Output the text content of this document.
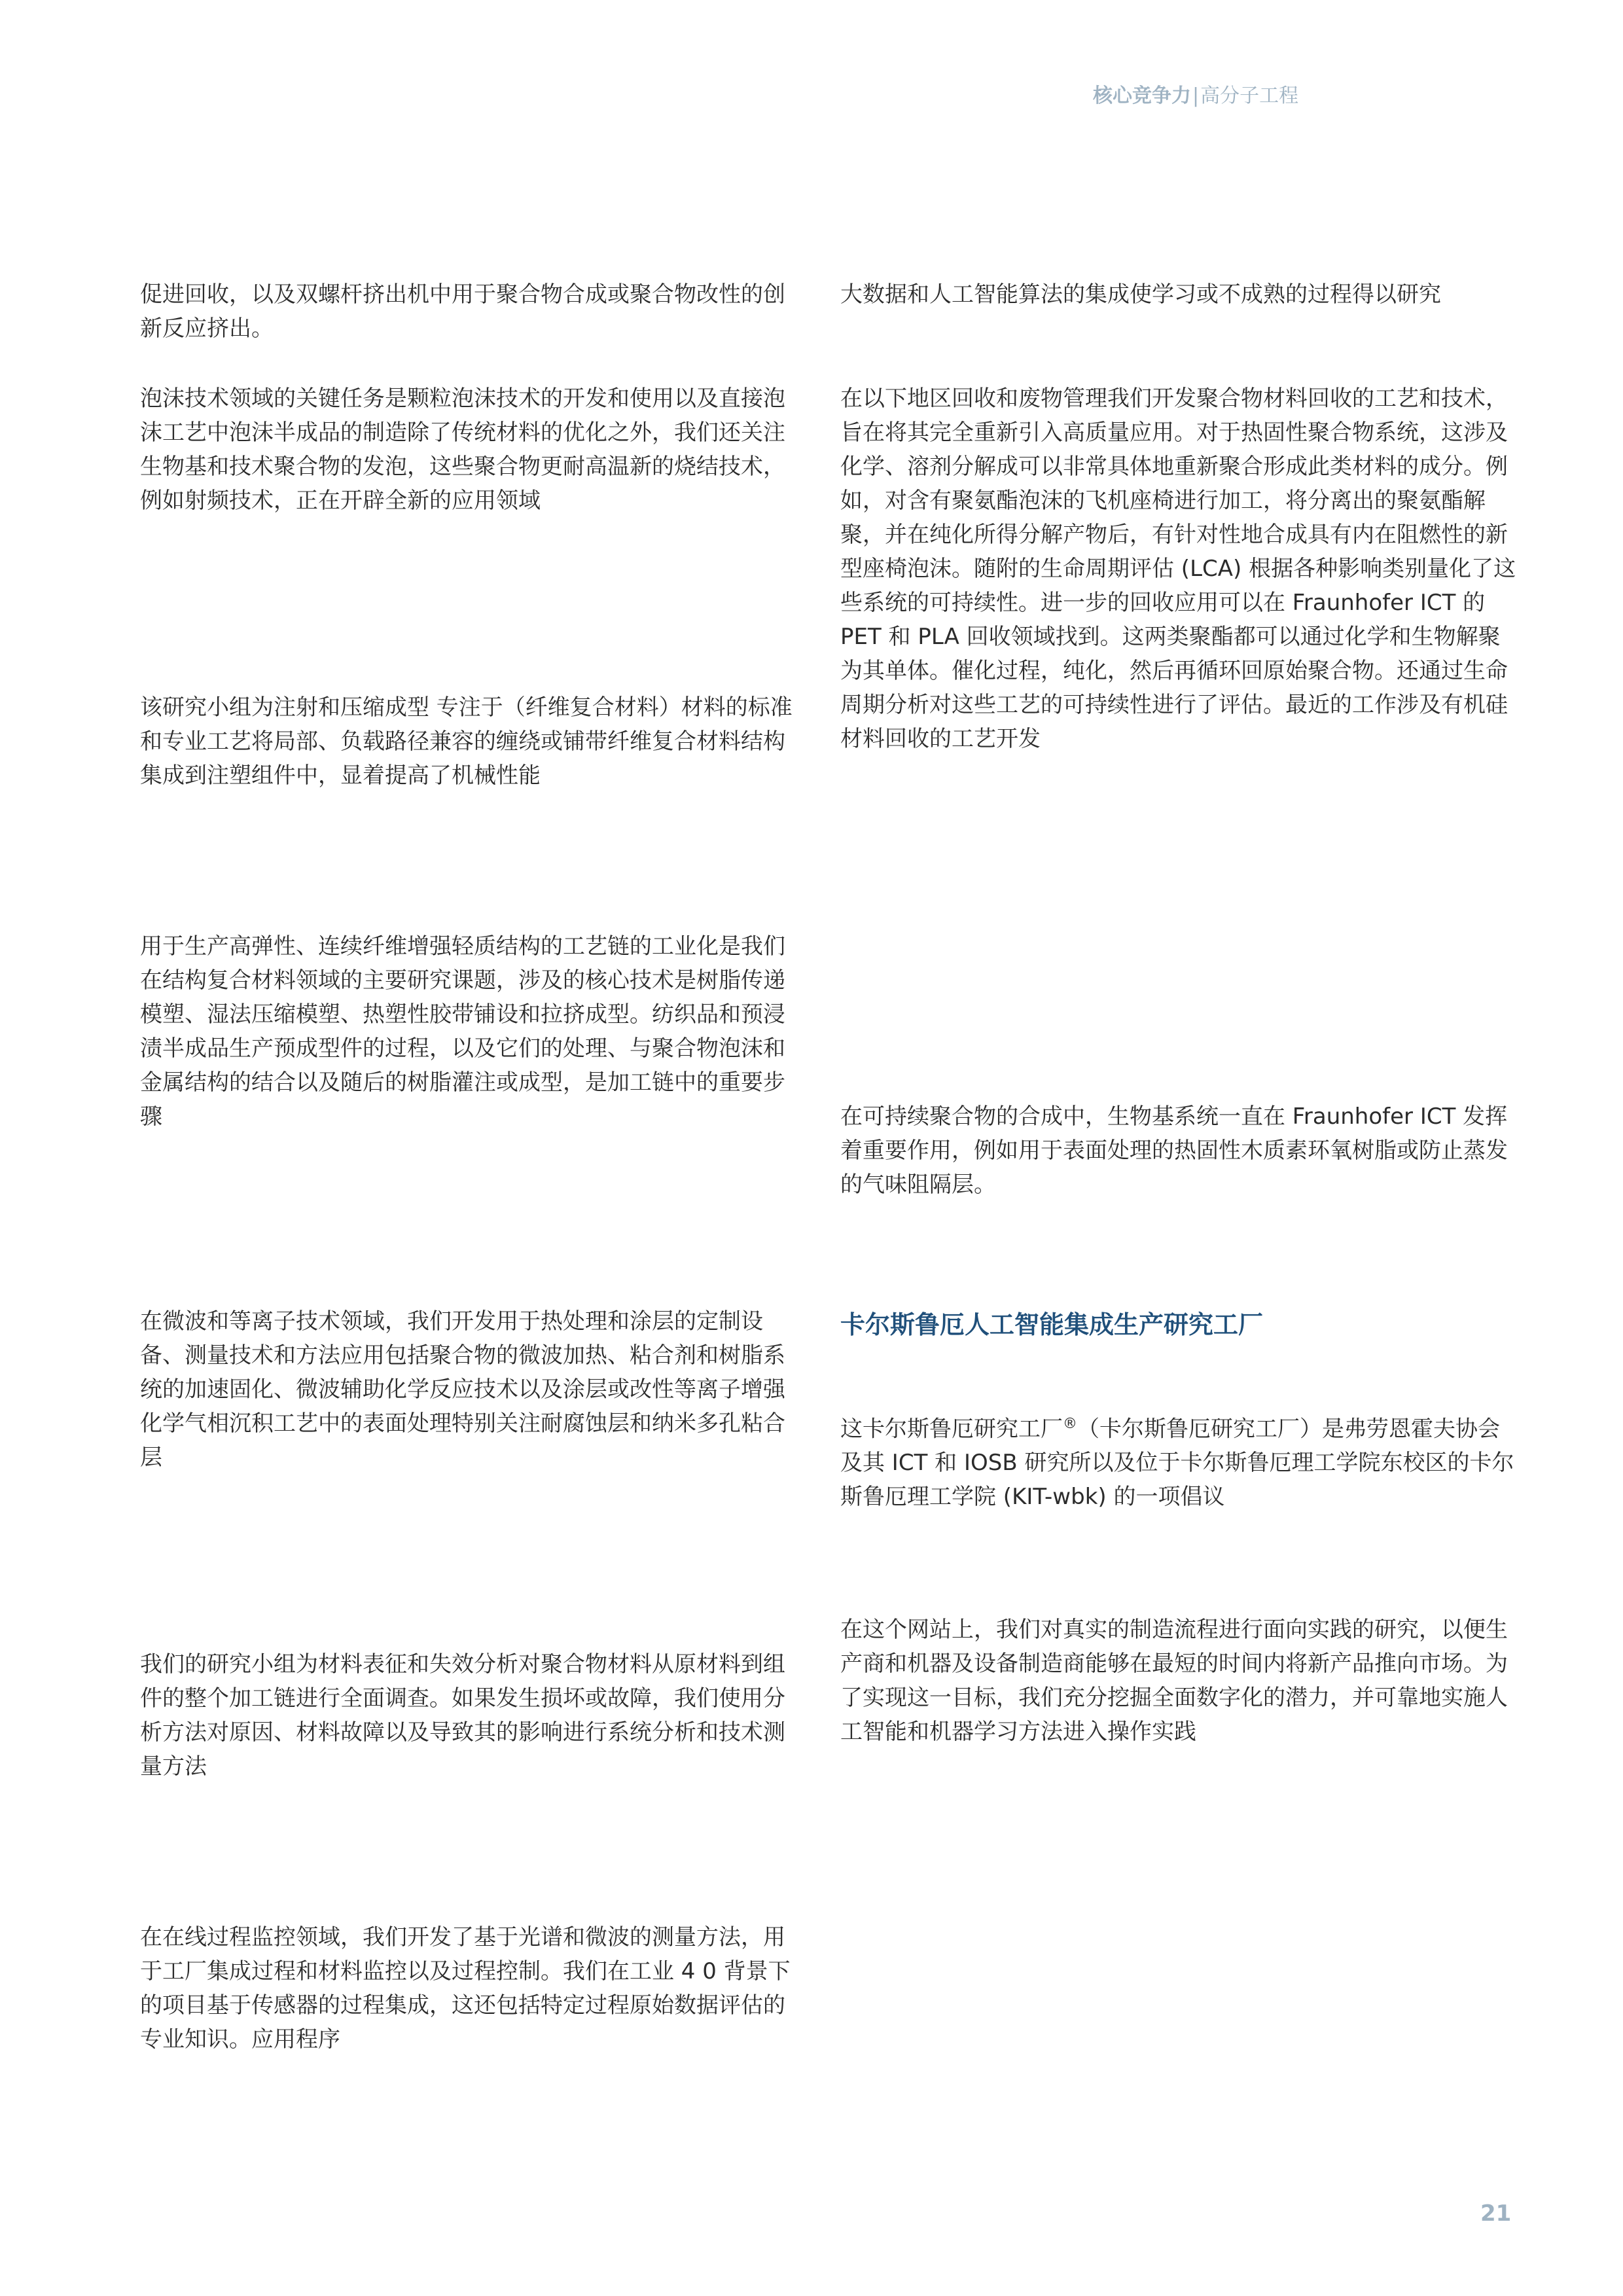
核心竞争力|高分子工程

促进回收，以及双螺杆挤出机中用于聚合物合成或聚合物改性的创新反应挤出。

泡沫技术领域的关键任务是颗粒泡沫技术的开发和使用以及直接泡沫工艺中泡沫半成品的制造除了传统材料的优化之外，我们还关注生物基和技术聚合物的发泡，这些聚合物更耐高温新的烧结技术，例如射频技术，正在开辟全新的应用领域

该研究小组为注射和压缩成型 专注于（纤维复合材料）材料的标准和专业工艺将局部、负载路径兼容的缠绕或铺带纤维复合材料结构集成到注塑组件中，显着提高了机械性能

用于生产高弹性、连续纤维增强轻质结构的工艺链的工业化是我们在结构复合材料领域的主要研究课题，涉及的核心技术是树脂传递模塑、湿法压缩模塑、热塑性胶带铺设和拉挤成型。纺织品和预浸渍半成品生产预成型件的过程，以及它们的处理、与聚合物泡沫和金属结构的结合以及随后的树脂灌注或成型，是加工链中的重要步骤

在微波和等离子技术领域，我们开发用于热处理和涂层的定制设备、测量技术和方法应用包括聚合物的微波加热、粘合剂和树脂系统的加速固化、微波辅助化学反应技术以及涂层或改性等离子增强化学气相沉积工艺中的表面处理特别关注耐腐蚀层和纳米多孔粘合层

我们的研究小组为材料表征和失效分析对聚合物材料从原材料到组件的整个加工链进行全面调查。如果发生损坏或故障，我们使用分析方法对原因、材料故障以及导致其的影响进行系统分析和技术测量方法

在在线过程监控领域，我们开发了基于光谱和微波的测量方法，用于工厂集成过程和材料监控以及过程控制。我们在工业 4 0 背景下的项目基于传感器的过程集成，这还包括特定过程原始数据评估的专业知识。应用程序

大数据和人工智能算法的集成使学习或不成熟的过程得以研究

在以下地区回收和废物管理我们开发聚合物材料回收的工艺和技术，旨在将其完全重新引入高质量应用。对于热固性聚合物系统，这涉及化学、溶剂分解成可以非常具体地重新聚合形成此类材料的成分。例如，对含有聚氨酯泡沫的飞机座椅进行加工，将分离出的聚氨酯解聚，并在纯化所得分解产物后，有针对性地合成具有内在阻燃性的新型座椅泡沫。随附的生命周期评估 (LCA) 根据各种影响类别量化了这些系统的可持续性。进一步的回收应用可以在 Fraunhofer ICT 的 PET 和 PLA 回收领域找到。这两类聚酯都可以通过化学和生物解聚为其单体。催化过程，纯化，然后再循环回原始聚合物。还通过生命周期分析对这些工艺的可持续性进行了评估。最近的工作涉及有机硅材料回收的工艺开发

在可持续聚合物的合成中，生物基系统一直在 Fraunhofer ICT 发挥着重要作用，例如用于表面处理的热固性木质素环氧树脂或防止蒸发的气味阻隔层。

卡尔斯鲁厄人工智能集成生产研究工厂

这卡尔斯鲁厄研究工厂®（卡尔斯鲁厄研究工厂）是弗劳恩霍夫协会及其 ICT 和 IOSB 研究所以及位于卡尔斯鲁厄理工学院东校区的卡尔斯鲁厄理工学院 (KIT-wbk) 的一项倡议

在这个网站上，我们对真实的制造流程进行面向实践的研究，以便生产商和机器及设备制造商能够在最短的时间内将新产品推向市场。为了实现这一目标，我们充分挖掘全面数字化的潜力，并可靠地实施人工智能和机器学习方法进入操作实践

21
